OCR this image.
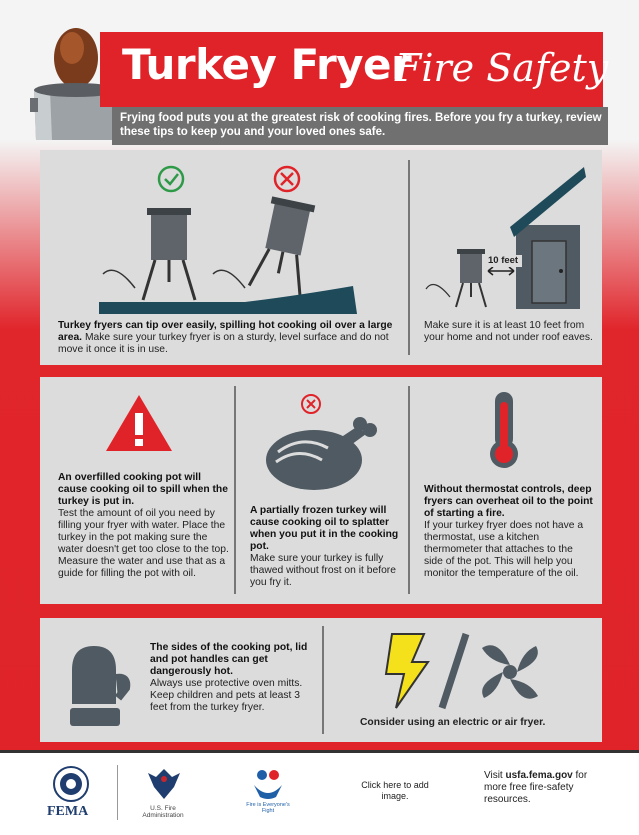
Turkey Fryer
Fire Safety
Frying food puts you at the greatest risk of cooking fires. Before you fry a turkey, review these tips to keep you and your loved ones safe.
Turkey fryers can tip over easily, spilling hot cooking oil over a large area. Make sure your turkey fryer is on a sturdy, level surface and do not move it once it is in use.
10 feet
Make sure it is at least 10 feet from your home and not under roof eaves.
An overfilled cooking pot will cause cooking oil to spill when the turkey is put in.
Test the amount of oil you need by filling your fryer with water. Place the turkey in the pot making sure the water doesn't get too close to the top. Measure the water and use that as a guide for filling the pot with oil.
A partially frozen turkey will cause cooking oil to splatter when you put it in the cooking pot.
Make sure your turkey is fully thawed without frost on it before you fry it.
Without thermostat controls, deep fryers can overheat oil to the point of starting a fire.
If your turkey fryer does not have a thermostat, use a kitchen thermometer that attaches to the side of the pot. This will help you monitor the temperature of the oil.
The sides of the cooking pot, lid and pot handles can get dangerously hot.
Always use protective oven mitts. Keep children and pets at least 3 feet from the turkey fryer.
Consider using an electric or air fryer.
FEMA	U.S. Fire Administration
Fire is Everyone's Fight
Click here to add image.
Visit usfa.fema.gov for more free fire-safety resources.
